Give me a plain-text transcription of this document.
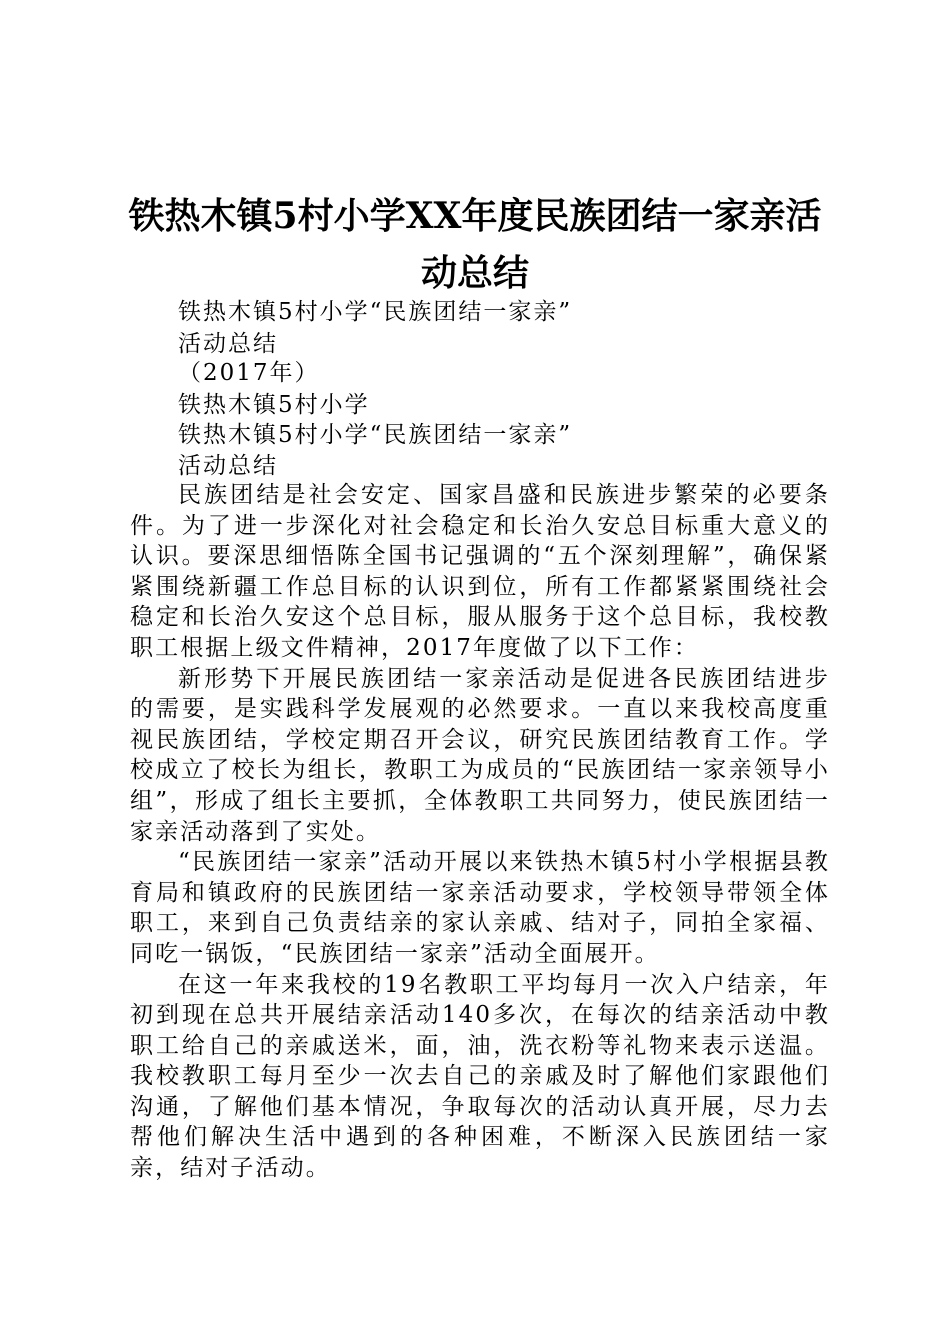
铁热木镇5村小学XX年度民族团结一家亲活
动总结
铁热木镇5村小学“民族团结一家亲”
活动总结
（2017年）
铁热木镇5村小学
铁热木镇5村小学“民族团结一家亲”
活动总结

民族团结是社会安定、国家昌盛和民族进步繁荣的必要条件。为了进一步深化对社会稳定和长治久安总目标重大意义的认识。要深思细悟陈全国书记强调的“五个深刻理解”，确保紧紧围绕新疆工作总目标的认识到位，所有工作都紧紧围绕社会稳定和长治久安这个总目标，服从服务于这个总目标，我校教职工根据上级文件精神，2017年度做了以下工作：

新形势下开展民族团结一家亲活动是促进各民族团结进步的需要，是实践科学发展观的必然要求。一直以来我校高度重视民族团结，学校定期召开会议，研究民族团结教育工作。学校成立了校长为组长，教职工为成员的“民族团结一家亲领导小组”，形成了组长主要抓，全体教职工共同努力，使民族团结一家亲活动落到了实处。

“民族团结一家亲”活动开展以来铁热木镇5村小学根据县教育局和镇政府的民族团结一家亲活动要求，学校领导带领全体职工，来到自己负责结亲的家认亲戚、结对子，同拍全家福、同吃一锅饭，“民族团结一家亲”活动全面展开。

在这一年来我校的19名教职工平均每月一次入户结亲，年初到现在总共开展结亲活动140多次，在每次的结亲活动中教职工给自己的亲戚送米，面，油，洗衣粉等礼物来表示送温。我校教职工每月至少一次去自己的亲戚及时了解他们家跟他们沟通，了解他们基本情况，争取每次的活动认真开展，尽力去帮他们解决生活中遇到的各种困难，不断深入民族团结一家亲，结对子活动。
